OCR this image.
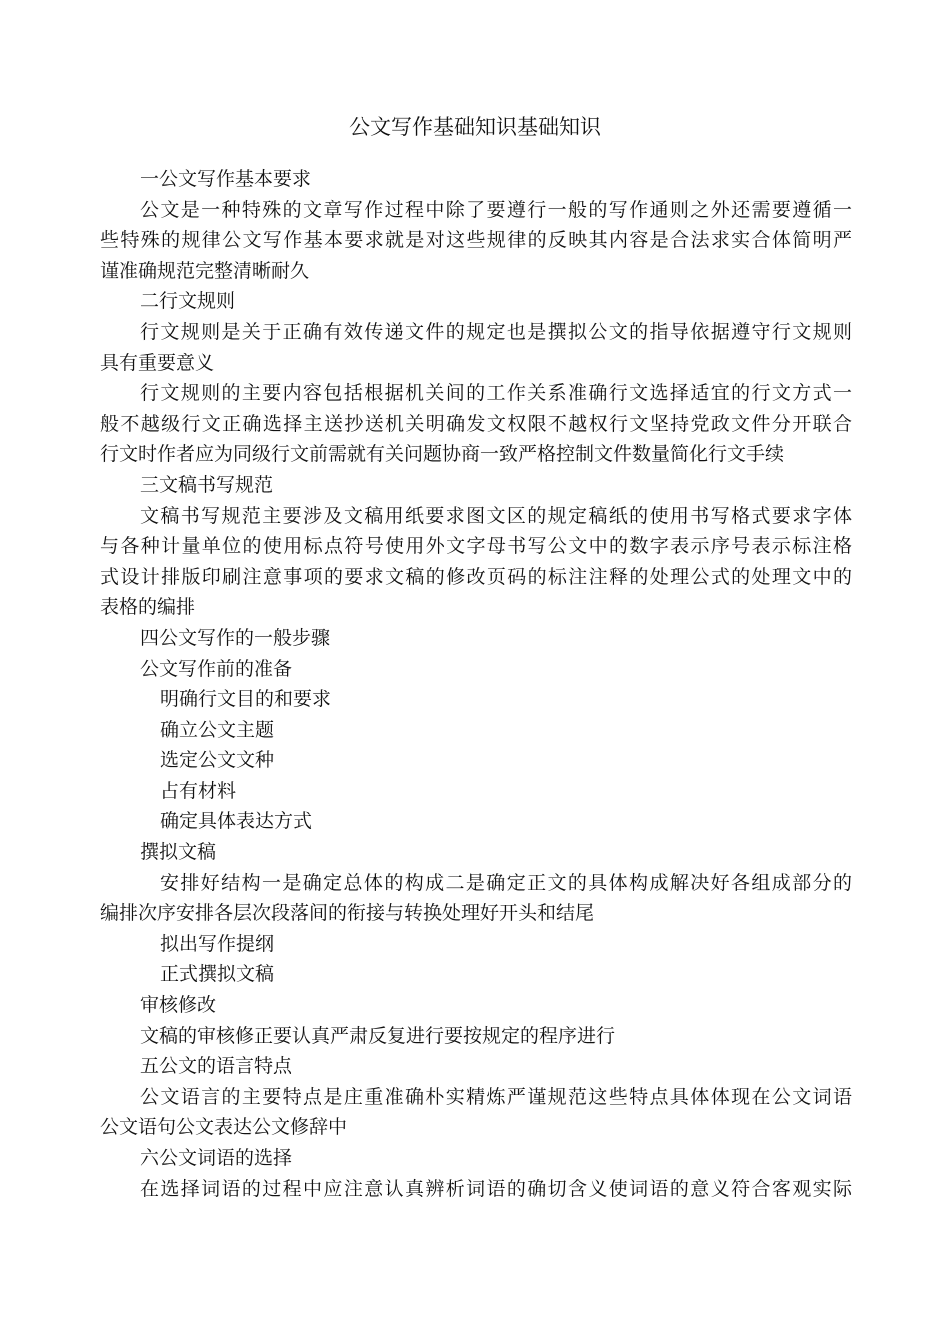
公文写作基础知识基础知识
一公文写作基本要求
公文是一种特殊的文章写作过程中除了要遵行一般的写作通则之外还需要遵循一
些特殊的规律公文写作基本要求就是对这些规律的反映其内容是合法求实合体简明严
谨准确规范完整清晰耐久
二行文规则
行文规则是关于正确有效传递文件的规定也是撰拟公文的指导依据遵守行文规则
具有重要意义
行文规则的主要内容包括根据机关间的工作关系准确行文选择适宜的行文方式一
般不越级行文正确选择主送抄送机关明确发文权限不越权行文坚持党政文件分开联合
行文时作者应为同级行文前需就有关问题协商一致严格控制文件数量简化行文手续
三文稿书写规范
文稿书写规范主要涉及文稿用纸要求图文区的规定稿纸的使用书写格式要求字体
与各种计量单位的使用标点符号使用外文字母书写公文中的数字表示序号表示标注格
式设计排版印刷注意事项的要求文稿的修改页码的标注注释的处理公式的处理文中的
表格的编排
四公文写作的一般步骤
公文写作前的准备
明确行文目的和要求
确立公文主题
选定公文文种
占有材料
确定具体表达方式
撰拟文稿
安排好结构一是确定总体的构成二是确定正文的具体构成解决好各组成部分的
编排次序安排各层次段落间的衔接与转换处理好开头和结尾
拟出写作提纲
正式撰拟文稿
审核修改
文稿的审核修正要认真严肃反复进行要按规定的程序进行
五公文的语言特点
公文语言的主要特点是庄重准确朴实精炼严谨规范这些特点具体体现在公文词语
公文语句公文表达公文修辞中
六公文词语的选择
在选择词语的过程中应注意认真辨析词语的确切含义使词语的意义符合客观实际
